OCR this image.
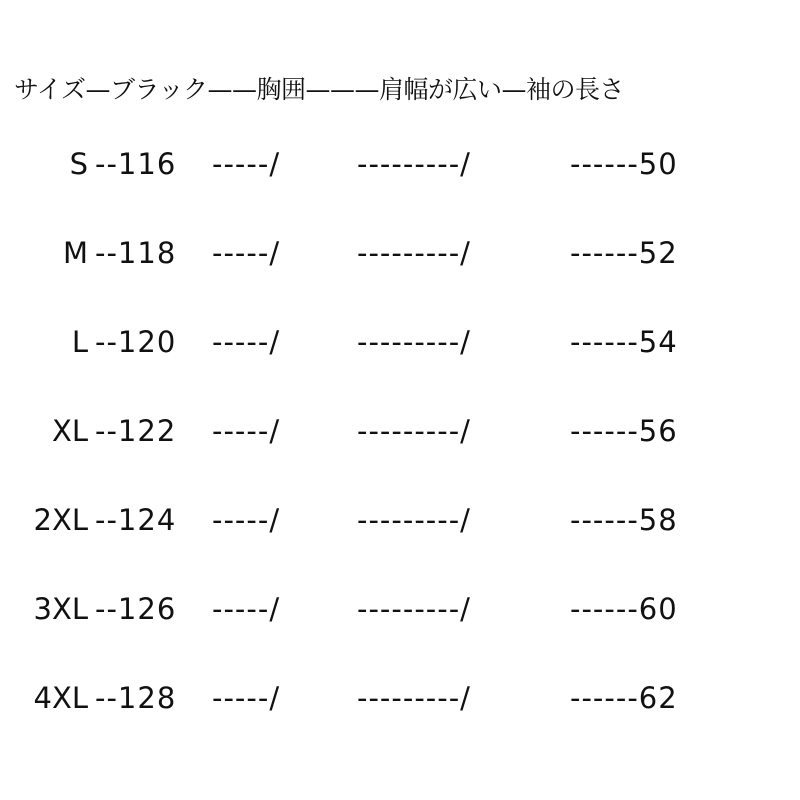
サイズ—ブラック——胸囲———肩幅が広い—袖の長さ
S --116 -----/	---------/	------50
M --118 -----/	---------/	------52
L --120 -----/	---------/	------54
XL --122 -----/	---------/	------56
2XL --124 -----/	---------/	------58
3XL --126 -----/	---------/	------60
4XL --128 -----/	---------/	------62
